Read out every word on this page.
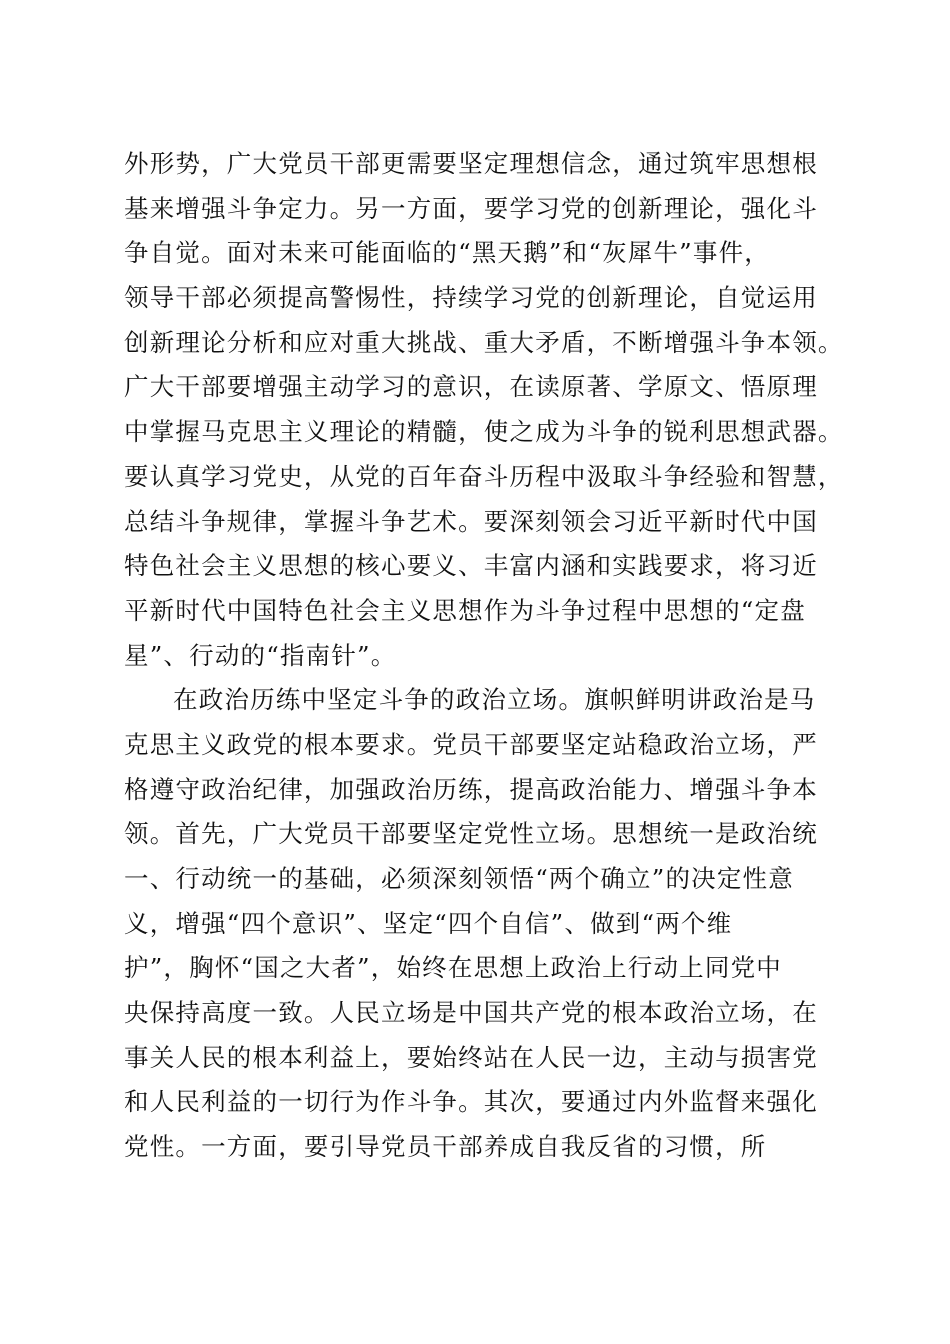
外形势，广大党员干部更需要坚定理想信念，通过筑牢思想根
基来增强斗争定力。另一方面，要学习党的创新理论，强化斗
争自觉。面对未来可能面临的“黑天鹅”和“灰犀牛”事件，
领导干部必须提高警惕性，持续学习党的创新理论，自觉运用
创新理论分析和应对重大挑战、重大矛盾，不断增强斗争本领。
广大干部要增强主动学习的意识，在读原著、学原文、悟原理
中掌握马克思主义理论的精髓，使之成为斗争的锐利思想武器。
要认真学习党史，从党的百年奋斗历程中汲取斗争经验和智慧，
总结斗争规律，掌握斗争艺术。要深刻领会习近平新时代中国
特色社会主义思想的核心要义、丰富内涵和实践要求，将习近
平新时代中国特色社会主义思想作为斗争过程中思想的“定盘
星”、行动的“指南针”。
在政治历练中坚定斗争的政治立场。旗帜鲜明讲政治是马
克思主义政党的根本要求。党员干部要坚定站稳政治立场，严
格遵守政治纪律，加强政治历练，提高政治能力、增强斗争本
领。首先，广大党员干部要坚定党性立场。思想统一是政治统
一、行动统一的基础，必须深刻领悟“两个确立”的决定性意
义，增强“四个意识”、坚定“四个自信”、做到“两个维
护”，胸怀“国之大者”，始终在思想上政治上行动上同党中
央保持高度一致。人民立场是中国共产党的根本政治立场，在
事关人民的根本利益上，要始终站在人民一边，主动与损害党
和人民利益的一切行为作斗争。其次，要通过内外监督来强化
党性。一方面，要引导党员干部养成自我反省的习惯，所
